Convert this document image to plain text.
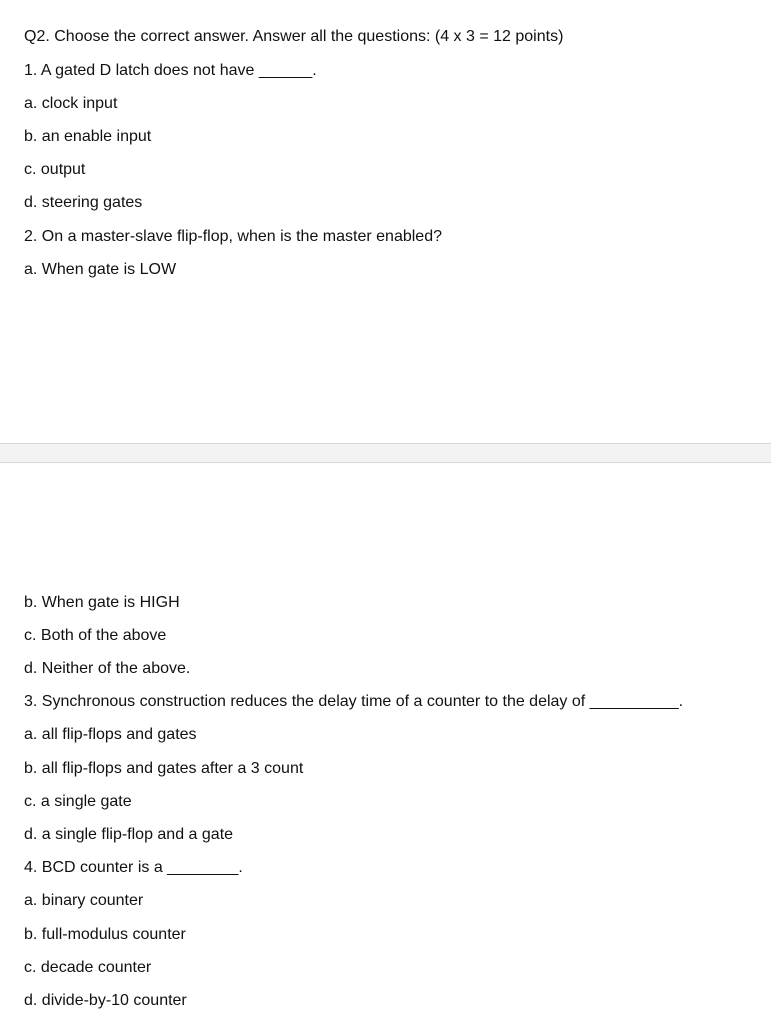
Q2. Choose the correct answer. Answer all the questions: (4 x 3 = 12 points)
1. A gated D latch does not have ______.
a. clock input
b. an enable input
c. output
d. steering gates
2. On a master-slave flip-flop, when is the master enabled?
a. When gate is LOW
b. When gate is HIGH
c. Both of the above
d. Neither of the above.
3. Synchronous construction reduces the delay time of a counter to the delay of __________.
a. all flip-flops and gates
b. all flip-flops and gates after a 3 count
c. a single gate
d. a single flip-flop and a gate
4. BCD counter is a ________.
a. binary counter
b. full-modulus counter
c. decade counter
d. divide-by-10 counter
